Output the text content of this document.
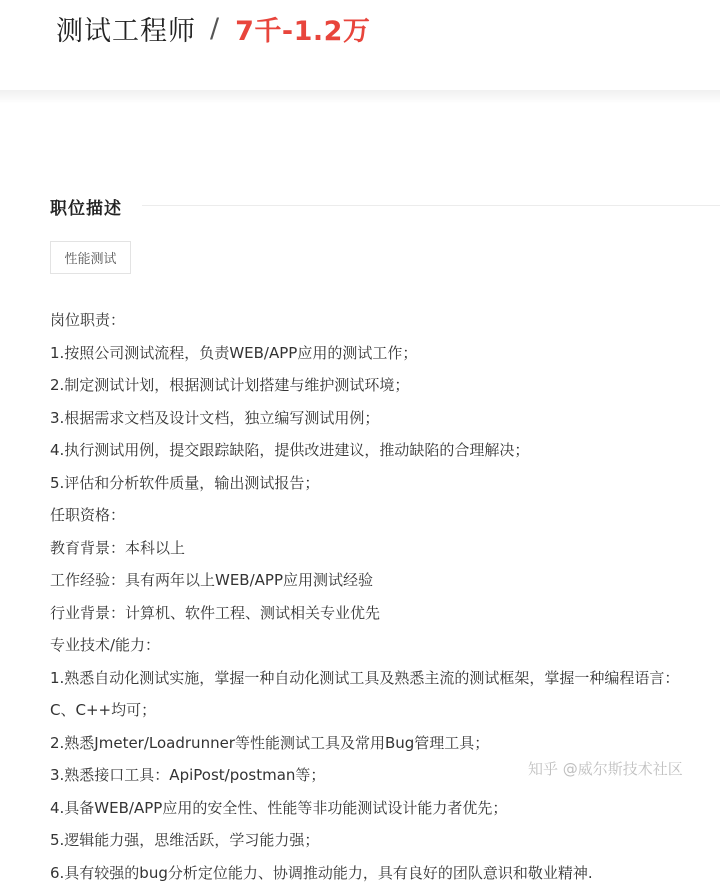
测试工程师 / 7千-1.2万
职位描述
性能测试
岗位职责：
1.按照公司测试流程，负责WEB/APP应用的测试工作；
2.制定测试计划，根据测试计划搭建与维护测试环境；
3.根据需求文档及设计文档，独立编写测试用例；
4.执行测试用例，提交跟踪缺陷，提供改进建议，推动缺陷的合理解决；
5.评估和分析软件质量，输出测试报告；
任职资格：
教育背景：本科以上
工作经验：具有两年以上WEB/APP应用测试经验
行业背景：计算机、软件工程、测试相关专业优先
专业技术/能力：
1.熟悉自动化测试实施，掌握一种自动化测试工具及熟悉主流的测试框架，掌握一种编程语言：
C、C++均可；
2.熟悉Jmeter/Loadrunner等性能测试工具及常用Bug管理工具；
3.熟悉接口工具：ApiPost/postman等；
4.具备WEB/APP应用的安全性、性能等非功能测试设计能力者优先；
5.逻辑能力强，思维活跃，学习能力强；
6.具有较强的bug分析定位能力、协调推动能力，具有良好的团队意识和敬业精神.
知乎 @威尔斯技术社区
